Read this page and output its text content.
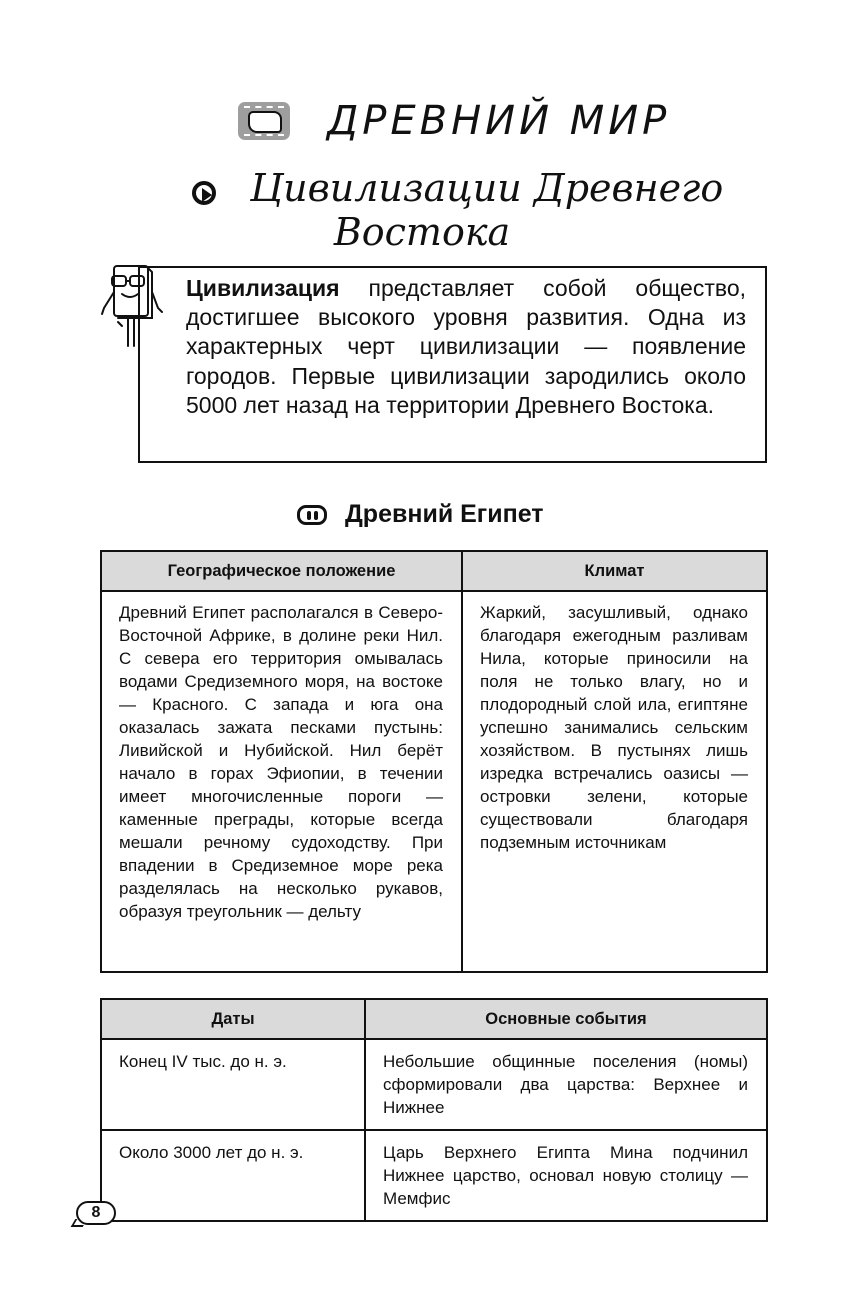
ДРЕВНИЙ МИР
Цивилизации Древнего
Востока
Цивилизация представляет собой общество, достигшее высокого уровня развития. Одна из характерных черт цивилизации — появление городов. Первые цивилизации зародились около 5000 лет назад на территории Древнего Востока.
Древний Египет
Географическое положение	Климат
Древний Египет располагался в Северо-Восточной Африке, в долине реки Нил. С севера его территория омывалась водами Средиземного моря, на востоке — Красного. С запада и юга она оказалась зажата песками пустынь: Ливийской и Нубийской. Нил берёт начало в горах Эфиопии, в течении имеет многочисленные пороги — каменные преграды, которые всегда мешали речному судоходству. При впадении в Средиземное море река разделялась на несколько рукавов, образуя треугольник — дельту	Жаркий, засушливый, однако благодаря ежегодным разливам Нила, которые приносили на поля не только влагу, но и плодородный слой ила, египтяне успешно занимались сельским хозяйством. В пустынях лишь изредка встречались оазисы — островки зелени, которые существовали благодаря подземным источникам
Даты	Основные события
Конец IV тыс. до н. э.	Небольшие общинные поселения (номы) сформировали два царства: Верхнее и Нижнее
Около 3000 лет до н. э.	Царь Верхнего Египта Мина подчинил Нижнее царство, основал новую столицу — Мемфис
8
